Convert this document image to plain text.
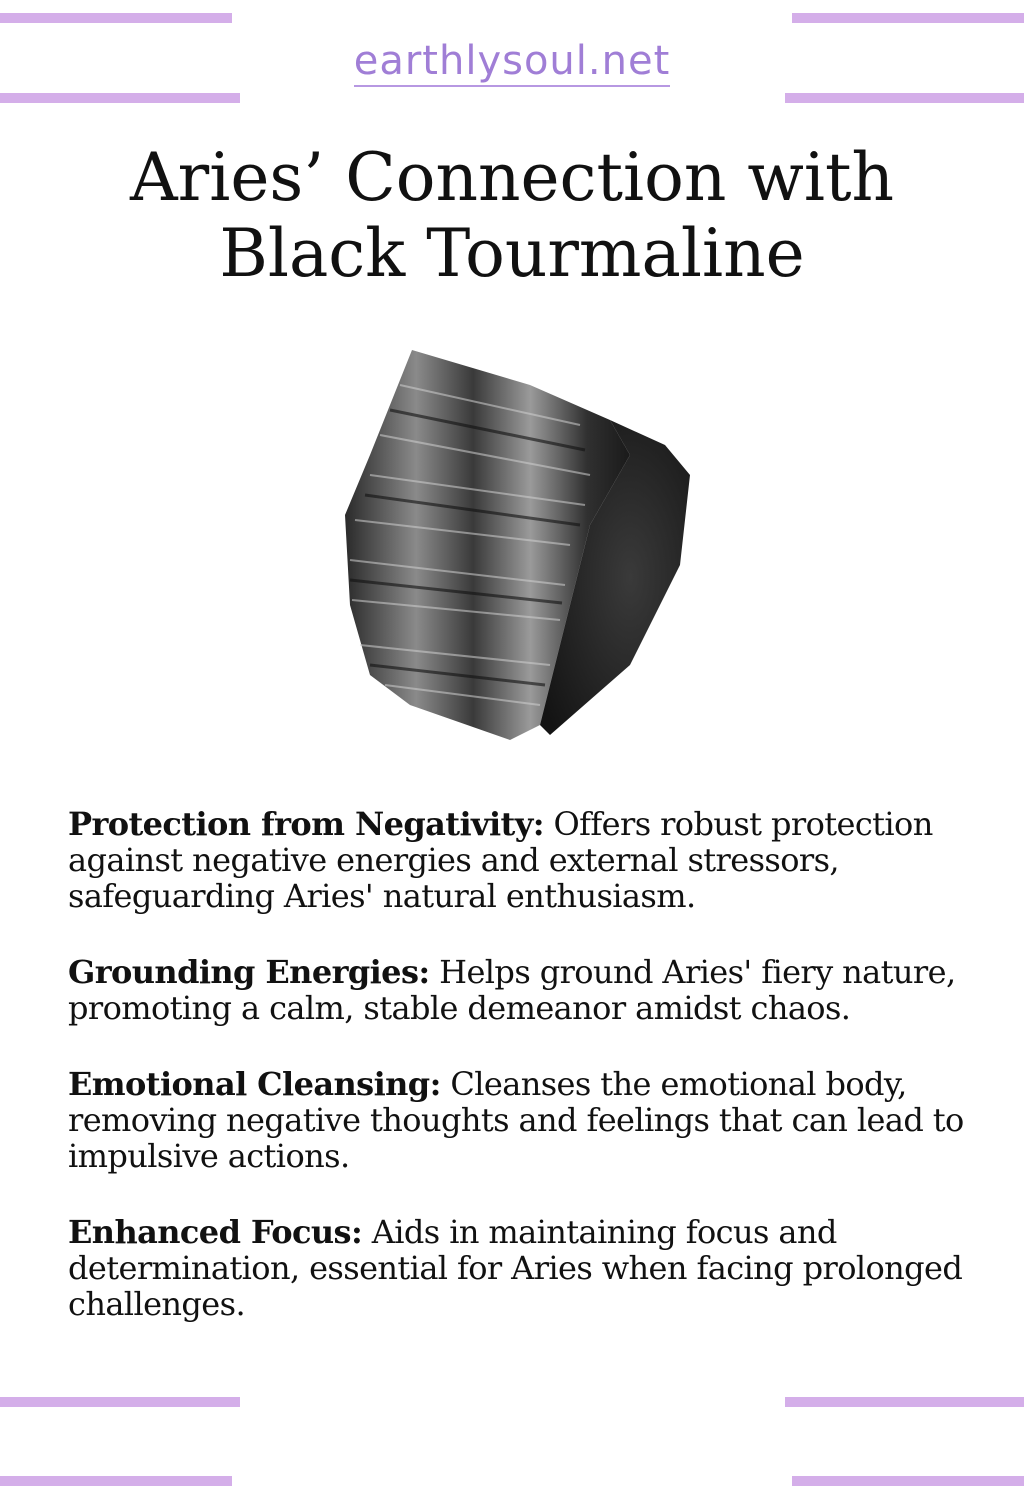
earthlysoul.net
Aries’ Connection with
Black Tourmaline

Protection from Negativity: Offers robust protection against negative energies and external stressors, safeguarding Aries' natural enthusiasm.

Grounding Energies: Helps ground Aries' fiery nature, promoting a calm, stable demeanor amidst chaos.

Emotional Cleansing: Cleanses the emotional body, removing negative thoughts and feelings that can lead to impulsive actions.

Enhanced Focus: Aids in maintaining focus and determination, essential for Aries when facing prolonged challenges.
